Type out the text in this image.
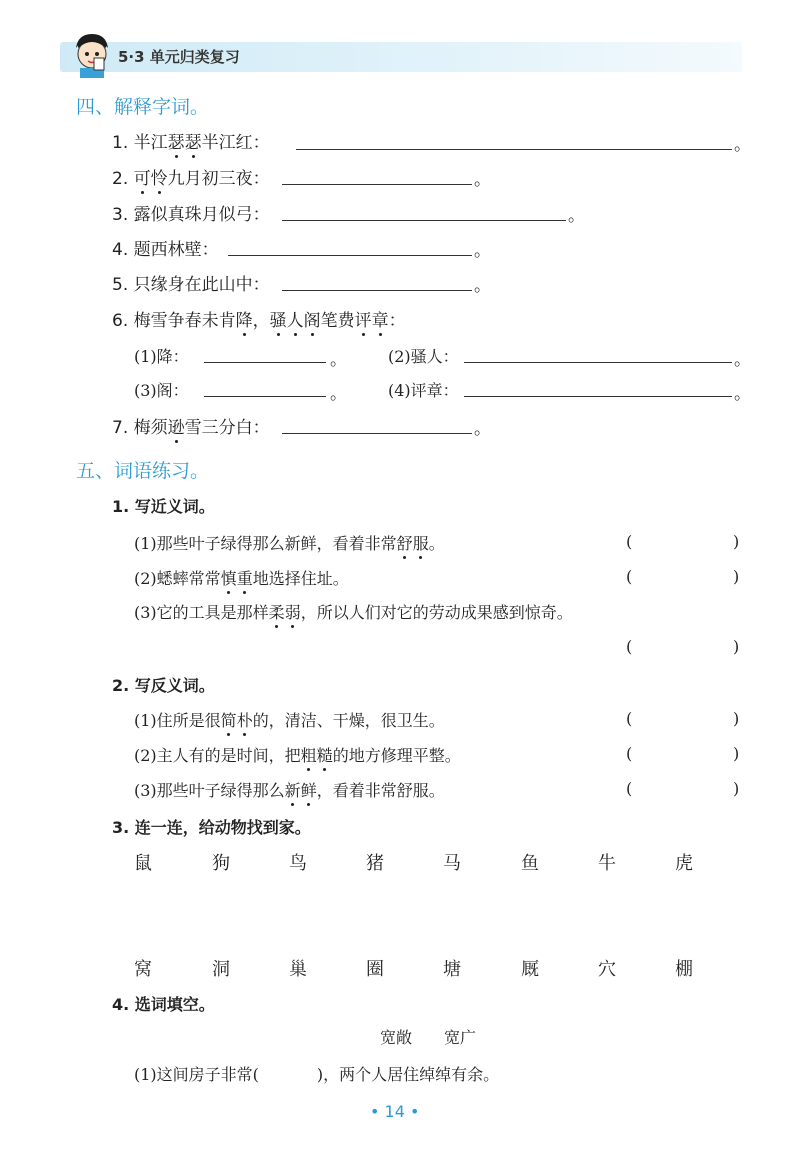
5·3 单元归类复习
四、解释字词。
1. 半江瑟瑟半江红：	。
2. 可怜九月初三夜：	。
3. 露似真珠月似弓：	。
4. 题西林壁：	。
5. 只缘身在此山中：	。
6. 梅雪争春未肯降，骚人阁笔费评章：
(1)降：	。	(2)骚人：	。
(3)阁：	。	(4)评章：	。
7. 梅须逊雪三分白：	。
五、词语练习。
1. 写近义词。
(1)那些叶子绿得那么新鲜，看着非常舒服。	(	)
(2)蟋蟀常常慎重地选择住址。	(	)
(3)它的工具是那样柔弱，所以人们对它的劳动成果感到惊奇。
(	)
2. 写反义词。
(1)住所是很简朴的，清洁、干燥，很卫生。	(	)
(2)主人有的是时间，把粗糙的地方修理平整。	(	)
(3)那些叶子绿得那么新鲜，看着非常舒服。	(	)
3. 连一连，给动物找到家。
鼠	狗	鸟	猪	马	鱼	牛	虎
窝	洞	巢	圈	塘	厩	穴	棚
4. 选词填空。
宽敞　　宽广
(1)这间房子非常(	)，两个人居住绰绰有余。
• 14 •
